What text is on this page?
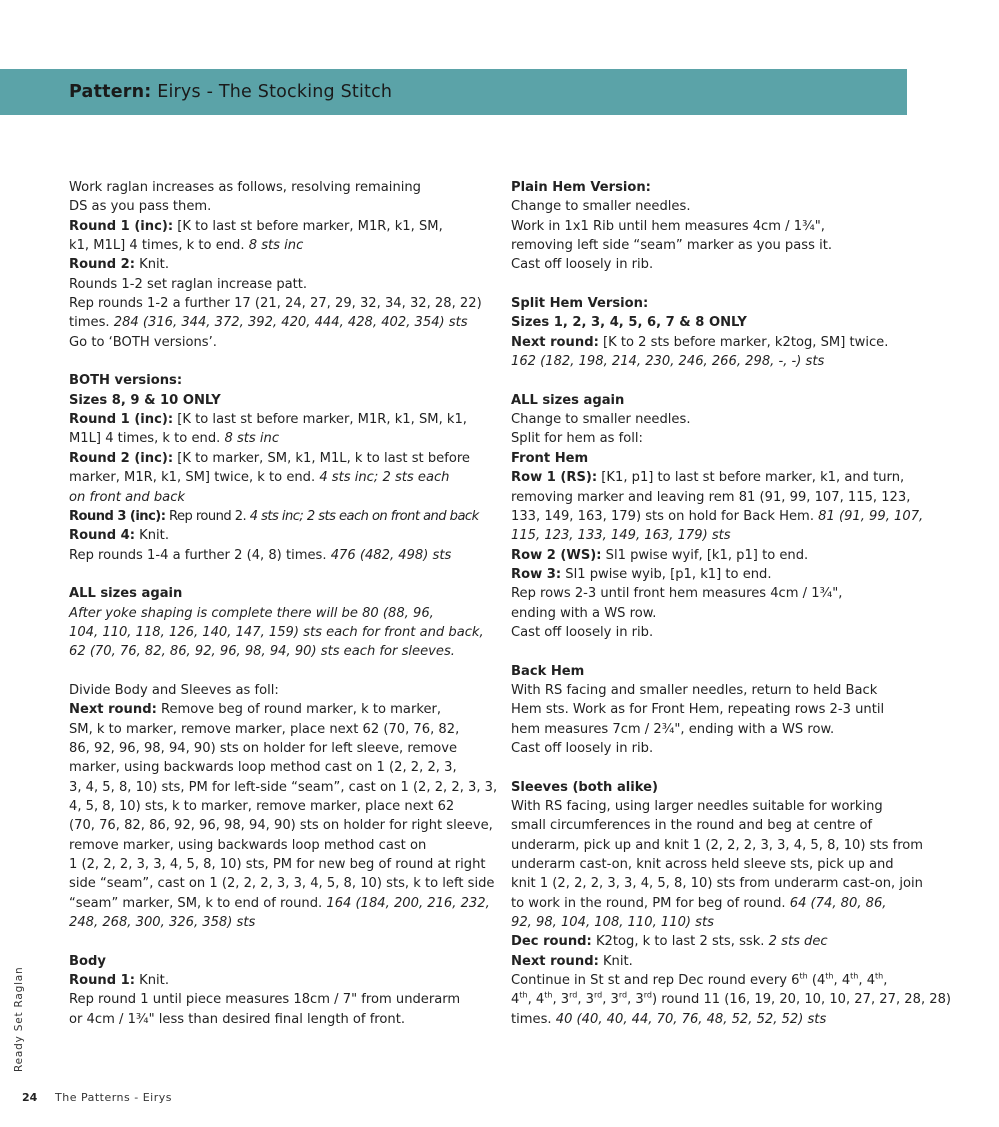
Pattern: Eirys - The Stocking Stitch

Work raglan increases as follows, resolving remaining

DS as you pass them.

Round 1 (inc): [K to last st before marker, M1R, k1, SM,

k1, M1L] 4 times, k to end. 8 sts inc

Round 2: Knit.

Rounds 1-2 set raglan increase patt.

Rep rounds 1-2 a further 17 (21, 24, 27, 29, 32, 34, 32, 28, 22)

times. 284 (316, 344, 372, 392, 420, 444, 428, 402, 354) sts

Go to ‘BOTH versions’.

BOTH versions:

Sizes 8, 9 & 10 ONLY

Round 1 (inc): [K to last st before marker, M1R, k1, SM, k1,

M1L] 4 times, k to end. 8 sts inc

Round 2 (inc): [K to marker, SM, k1, M1L, k to last st before

marker, M1R, k1, SM] twice, k to end. 4 sts inc; 2 sts each

on front and back

Round 3 (inc): Rep round 2. 4 sts inc; 2 sts each on front and back

Round 4: Knit.

Rep rounds 1-4 a further 2 (4, 8) times. 476 (482, 498) sts

ALL sizes again

After yoke shaping is complete there will be 80 (88, 96,

104, 110, 118, 126, 140, 147, 159) sts each for front and back,

62 (70, 76, 82, 86, 92, 96, 98, 94, 90) sts each for sleeves.

Divide Body and Sleeves as foll:

Next round: Remove beg of round marker, k to marker,

SM, k to marker, remove marker, place next 62 (70, 76, 82,

86, 92, 96, 98, 94, 90) sts on holder for left sleeve, remove

marker, using backwards loop method cast on 1 (2, 2, 2, 3,

3, 4, 5, 8, 10) sts, PM for left-side “seam”, cast on 1 (2, 2, 2, 3, 3,

4, 5, 8, 10) sts, k to marker, remove marker, place next 62

(70, 76, 82, 86, 92, 96, 98, 94, 90) sts on holder for right sleeve,

remove marker, using backwards loop method cast on

1 (2, 2, 2, 3, 3, 4, 5, 8, 10) sts, PM for new beg of round at right

side “seam”, cast on 1 (2, 2, 2, 3, 3, 4, 5, 8, 10) sts, k to left side

“seam” marker, SM, k to end of round. 164 (184, 200, 216, 232,

248, 268, 300, 326, 358) sts

Body

Round 1: Knit.

Rep round 1 until piece measures 18cm / 7" from underarm

or 4cm / 1¾" less than desired final length of front.

Plain Hem Version:

Change to smaller needles.

Work in 1x1 Rib until hem measures 4cm / 1¾",

removing left side “seam” marker as you pass it.

Cast off loosely in rib.

Split Hem Version:

Sizes 1, 2, 3, 4, 5, 6, 7 & 8 ONLY

Next round: [K to 2 sts before marker, k2tog, SM] twice.

162 (182, 198, 214, 230, 246, 266, 298, -, -) sts

ALL sizes again

Change to smaller needles.

Split for hem as foll:

Front Hem

Row 1 (RS): [K1, p1] to last st before marker, k1, and turn,

removing marker and leaving rem 81 (91, 99, 107, 115, 123,

133, 149, 163, 179) sts on hold for Back Hem. 81 (91, 99, 107,

115, 123, 133, 149, 163, 179) sts

Row 2 (WS): Sl1 pwise wyif, [k1, p1] to end.

Row 3: Sl1 pwise wyib, [p1, k1] to end.

Rep rows 2-3 until front hem measures 4cm / 1¾",

ending with a WS row.

Cast off loosely in rib.

Back Hem

With RS facing and smaller needles, return to held Back

Hem sts. Work as for Front Hem, repeating rows 2-3 until

hem measures 7cm / 2¾", ending with a WS row.

Cast off loosely in rib.

Sleeves (both alike)

With RS facing, using larger needles suitable for working

small circumferences in the round and beg at centre of

underarm, pick up and knit 1 (2, 2, 2, 3, 3, 4, 5, 8, 10) sts from

underarm cast-on, knit across held sleeve sts, pick up and

knit 1 (2, 2, 2, 3, 3, 4, 5, 8, 10) sts from underarm cast-on, join

to work in the round, PM for beg of round. 64 (74, 80, 86,

92, 98, 104, 108, 110, 110) sts

Dec round: K2tog, k to last 2 sts, ssk. 2 sts dec

Next round: Knit.

Continue in St st and rep Dec round every 6th (4th, 4th, 4th,

4th, 4th, 3rd, 3rd, 3rd, 3rd) round 11 (16, 19, 20, 10, 10, 27, 27, 28, 28)

times. 40 (40, 40, 44, 70, 76, 48, 52, 52, 52) sts

Ready Set Raglan
24 The Patterns - Eirys
